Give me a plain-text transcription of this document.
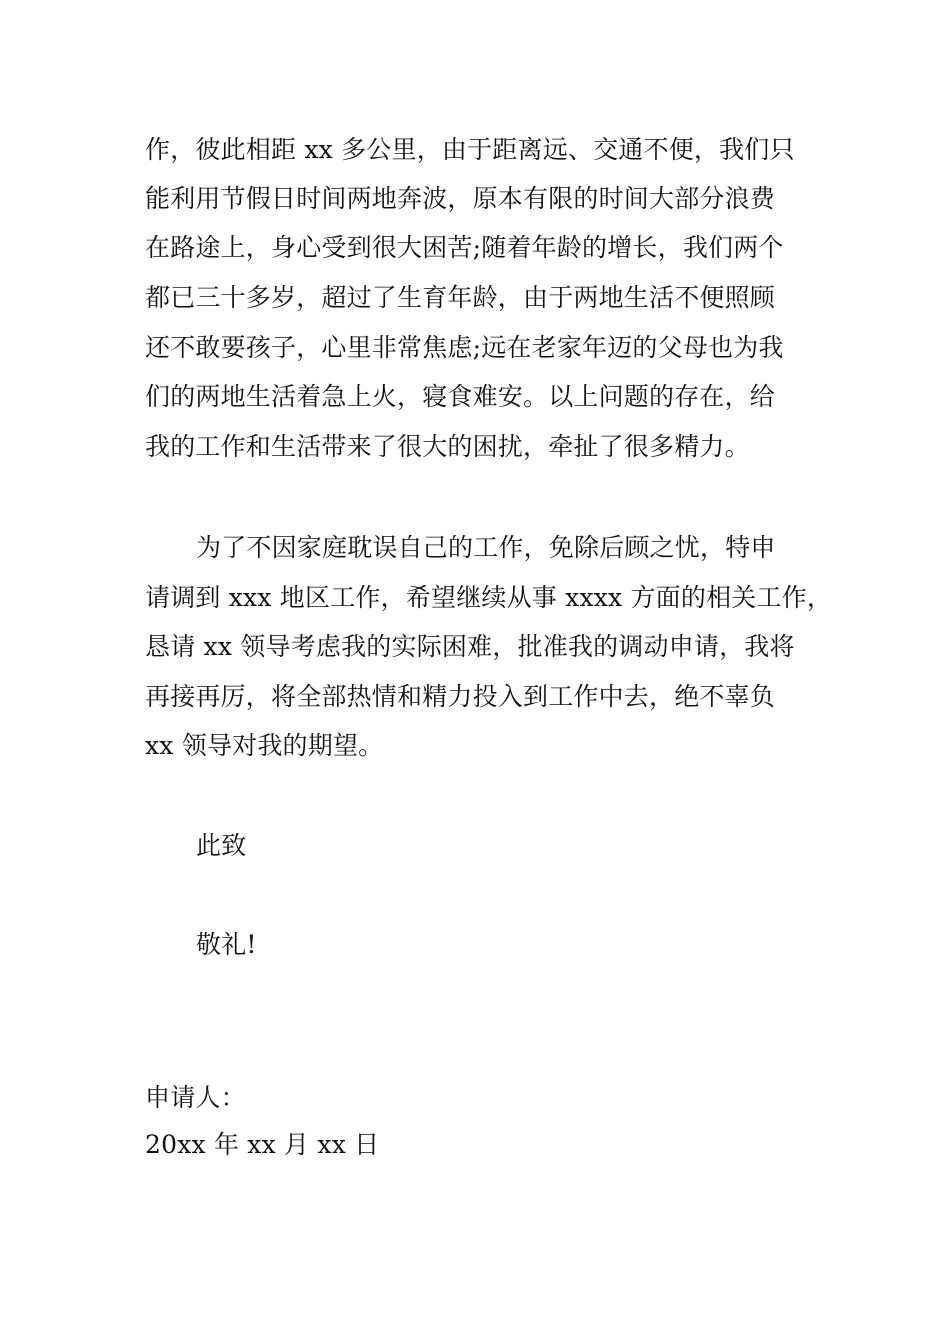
作，彼此相距 xx 多公里，由于距离远、交通不便，我们只
能利用节假日时间两地奔波，原本有限的时间大部分浪费
在路途上，身心受到很大困苦;随着年龄的增长，我们两个
都已三十多岁，超过了生育年龄，由于两地生活不便照顾
还不敢要孩子，心里非常焦虑;远在老家年迈的父母也为我
们的两地生活着急上火，寝食难安。以上问题的存在，给
我的工作和生活带来了很大的困扰，牵扯了很多精力。
为了不因家庭耽误自己的工作，免除后顾之忧，特申
请调到 xxx 地区工作，希望继续从事 xxxx 方面的相关工作，
恳请 xx 领导考虑我的实际困难，批准我的调动申请，我将
再接再厉，将全部热情和精力投入到工作中去，绝不辜负
xx 领导对我的期望。
此致
敬礼!
申请人：
20xx 年 xx 月 xx 日
